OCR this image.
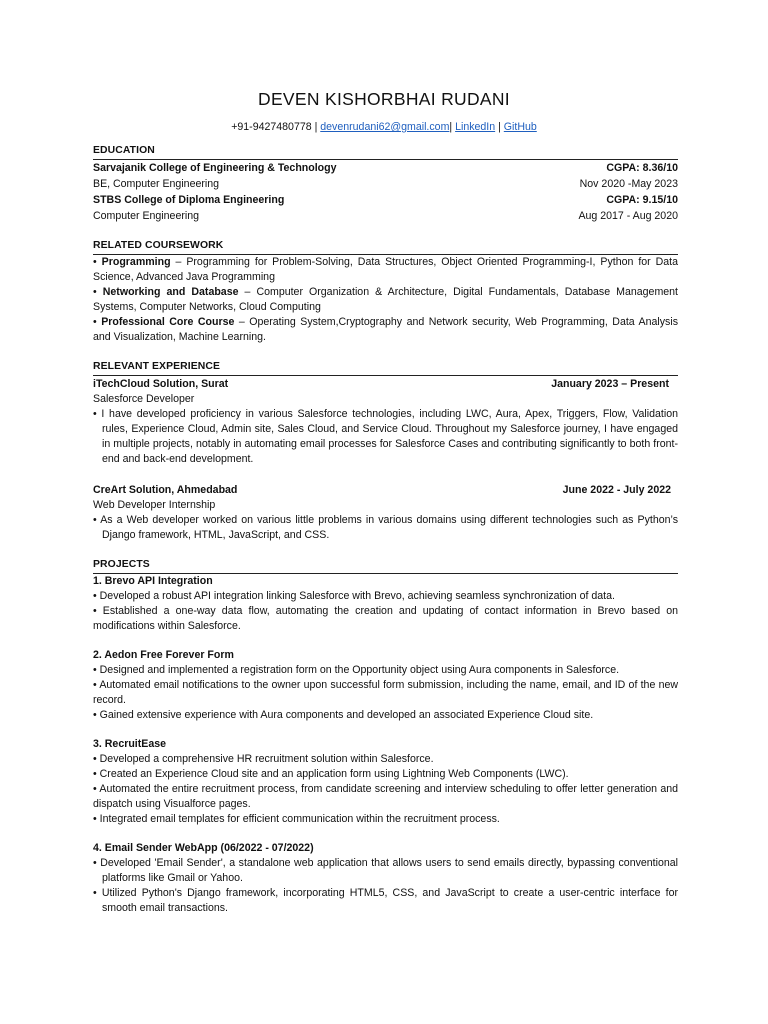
DEVEN KISHORBHAI RUDANI
+91-9427480778 | devenrudani62@gmail.com| LinkedIn | GitHub
EDUCATION
Sarvajanik College of Engineering & Technology	CGPA: 8.36/10
BE, Computer Engineering	Nov 2020 -May 2023
STBS College of Diploma Engineering	CGPA: 9.15/10
Computer Engineering	Aug 2017 - Aug 2020
RELATED COURSEWORK
• Programming – Programming for Problem-Solving, Data Structures, Object Oriented Programming-I, Python for Data Science, Advanced Java Programming
• Networking and Database – Computer Organization & Architecture, Digital Fundamentals, Database Management Systems, Computer Networks, Cloud Computing
• Professional Core Course – Operating System,Cryptography and Network security, Web Programming, Data Analysis and Visualization, Machine Learning.
RELEVANT EXPERIENCE
iTechCloud Solution, Surat	January 2023 – Present
Salesforce Developer
• I have developed proficiency in various Salesforce technologies, including LWC, Aura, Apex, Triggers, Flow, Validation rules, Experience Cloud, Admin site, Sales Cloud, and Service Cloud. Throughout my Salesforce journey, I have engaged in multiple projects, notably in automating email processes for Salesforce Cases and contributing significantly to both front-end and back-end development.
CreArt Solution, Ahmedabad	June 2022 - July 2022
Web Developer Internship
• As a Web developer worked on various little problems in various domains using different technologies such as Python’s Django framework, HTML, JavaScript, and CSS.
PROJECTS
1. Brevo API Integration
• Developed a robust API integration linking Salesforce with Brevo, achieving seamless synchronization of data.
• Established a one-way data flow, automating the creation and updating of contact information in Brevo based on modifications within Salesforce.
2. Aedon Free Forever Form
• Designed and implemented a registration form on the Opportunity object using Aura components in Salesforce.
• Automated email notifications to the owner upon successful form submission, including the name, email, and ID of the new record.
• Gained extensive experience with Aura components and developed an associated Experience Cloud site.
3. RecruitEase
• Developed a comprehensive HR recruitment solution within Salesforce.
• Created an Experience Cloud site and an application form using Lightning Web Components (LWC).
• Automated the entire recruitment process, from candidate screening and interview scheduling to offer letter generation and dispatch using Visualforce pages.
• Integrated email templates for efficient communication within the recruitment process.
4. Email Sender WebApp (06/2022 - 07/2022)
• Developed 'Email Sender', a standalone web application that allows users to send emails directly, bypassing conventional platforms like Gmail or Yahoo.
• Utilized Python's Django framework, incorporating HTML5, CSS, and JavaScript to create a user-centric interface for smooth email transactions.
